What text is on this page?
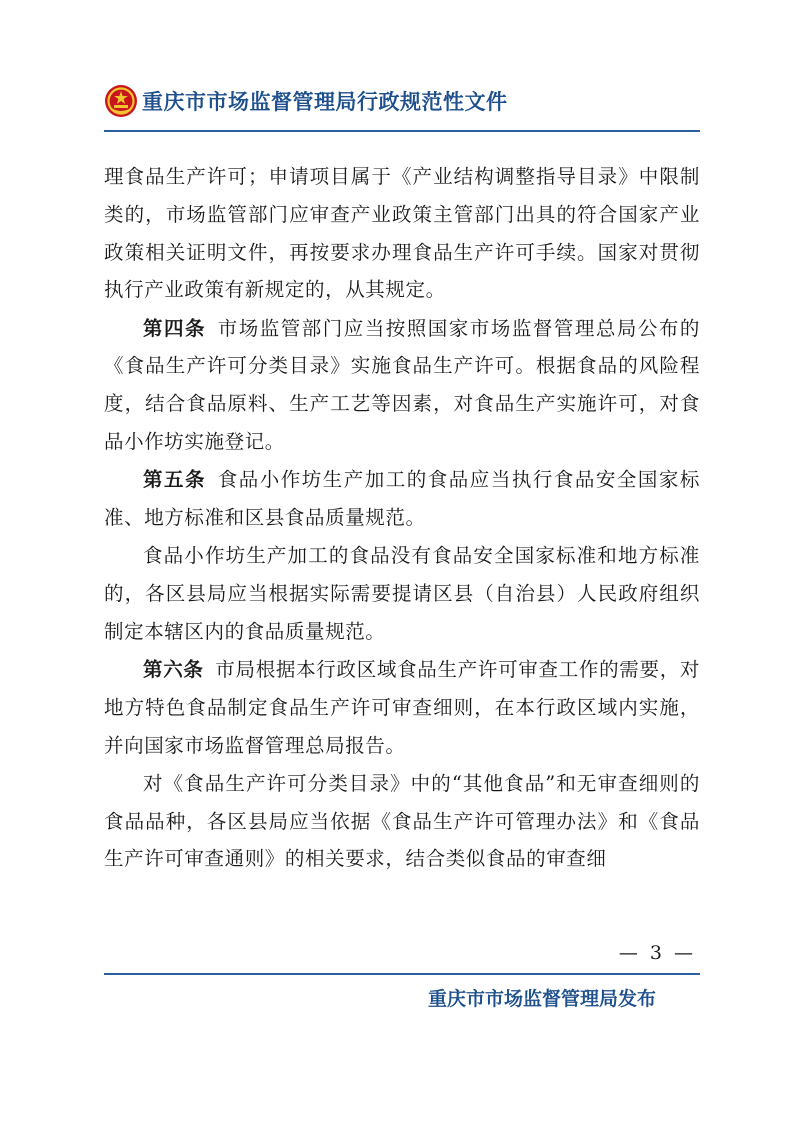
重庆市市场监督管理局行政规范性文件

理食品生产许可；申请项目属于《产业结构调整指导目录》中限制类的，市场监管部门应审查产业政策主管部门出具的符合国家产业政策相关证明文件，再按要求办理食品生产许可手续。国家对贯彻执行产业政策有新规定的，从其规定。

第四条 市场监管部门应当按照国家市场监督管理总局公布的《食品生产许可分类目录》实施食品生产许可。根据食品的风险程度，结合食品原料、生产工艺等因素，对食品生产实施许可，对食品小作坊实施登记。

第五条 食品小作坊生产加工的食品应当执行食品安全国家标准、地方标准和区县食品质量规范。

食品小作坊生产加工的食品没有食品安全国家标准和地方标准的，各区县局应当根据实际需要提请区县（自治县）人民政府组织制定本辖区内的食品质量规范。

第六条 市局根据本行政区域食品生产许可审查工作的需要，对地方特色食品制定食品生产许可审查细则，在本行政区域内实施，并向国家市场监督管理总局报告。

对《食品生产许可分类目录》中的“其他食品”和无审查细则的食品品种，各区县局应当依据《食品生产许可管理办法》和《食品生产许可审查通则》的相关要求，结合类似食品的审查细

— 3 —
重庆市市场监督管理局发布
